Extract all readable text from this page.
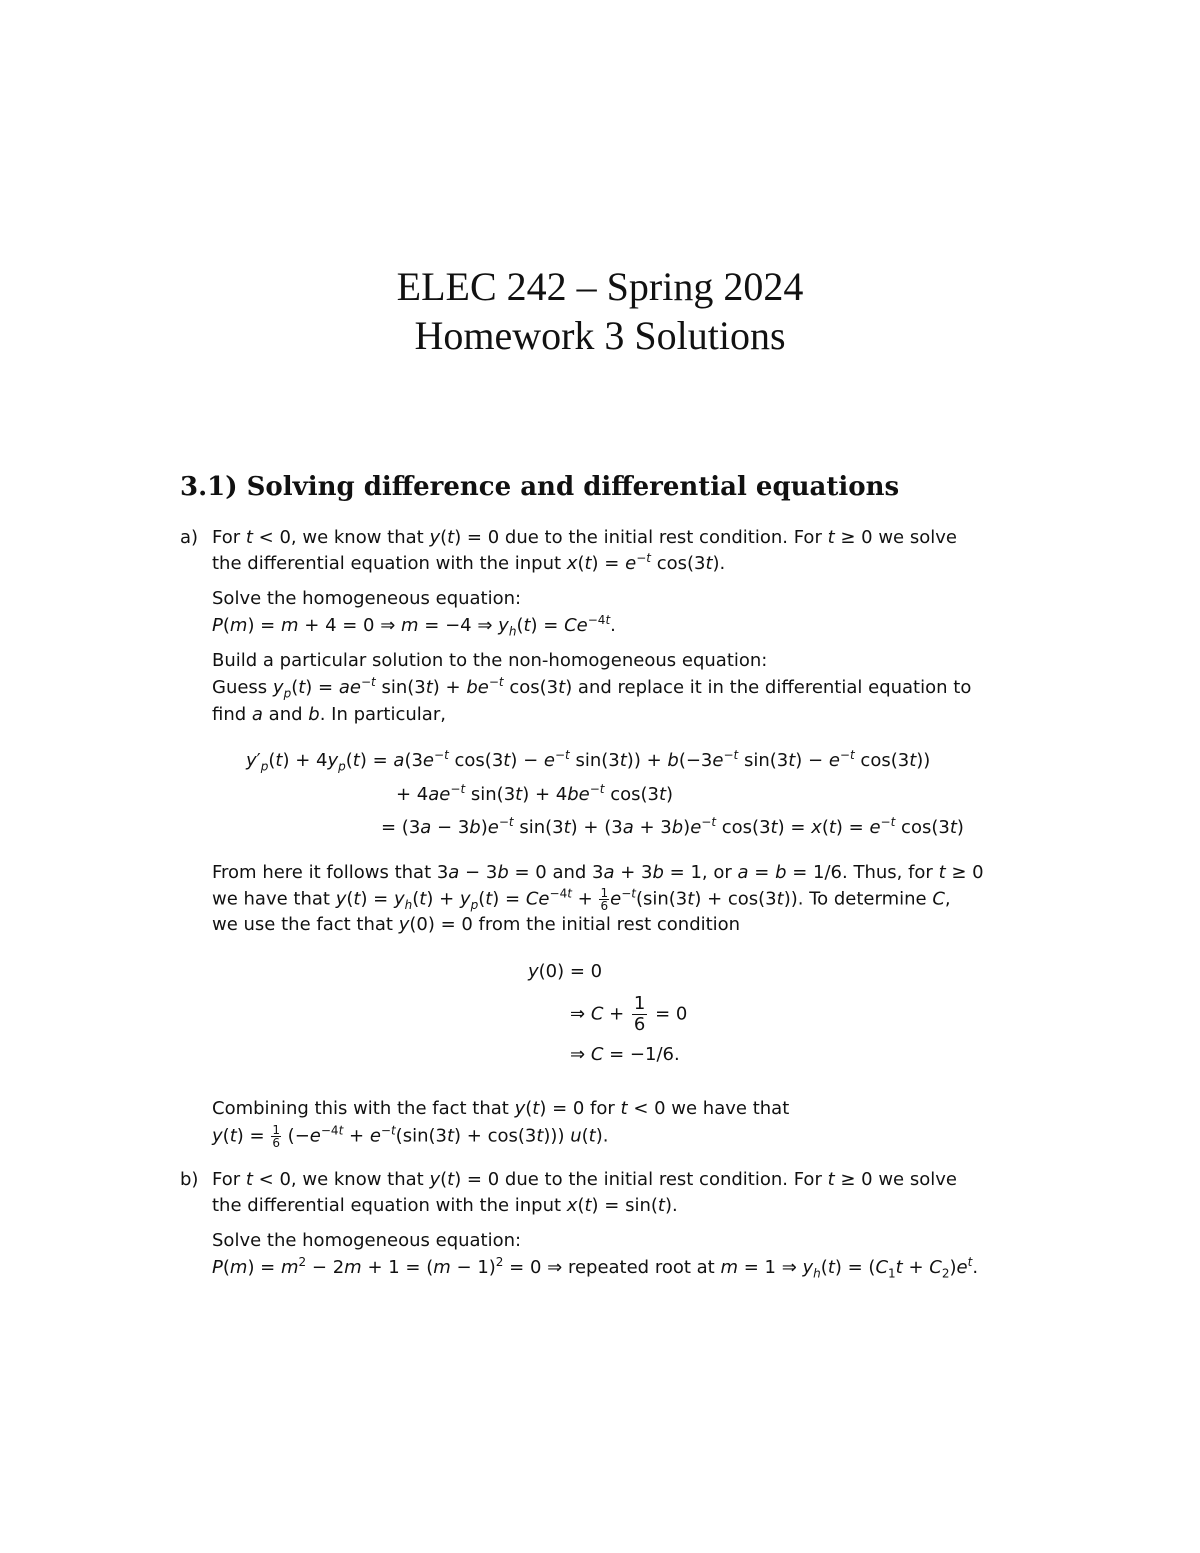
ELEC 242 – Spring 2024
Homework 3 Solutions
3.1) Solving difference and differential equations
a) For t < 0, we know that y(t) = 0 due to the initial rest condition. For t ≥ 0 we solve
the differential equation with the input $x(t) = e^{-t}$ cos(3t).
Solve the homogeneous equation:
P(m) = m + 4 = 0 ⇒ m = −4 ⇒ $y_h(t) = Ce^{-4t}$.
Build a particular solution to the non-homogeneous equation:
Guess $y_p(t) = ae^{-t}$ $\sin(3t) + be^{-t}$ cos(3t) and replace it in the differential equation to
find a and b. In particular,
$y'_p(t) + 4y_p(t) = a(3e^{-t}$ $\cos(3t) - e^{-t}$ $\sin(3t)) + b(-3e^{-t}$ $\sin(3t) - e^{-t}$ cos(3t))
+ $4ae^{-t}$ $\sin(3t) + 4be^{-t}$ cos(3t)
= $(3a - 3b)e^{-t}$ $\sin(3t) + (3a + 3b)e^{-t}$ $\cos(3t) = x(t) = e^{-t}$ cos(3t)
From here it follows that 3a − 3b = 0 and 3a + 3b = 1, or a = b = 1/6. Thus, for t ≥ 0
we have that $y(t) = y_h(t) + y_p(t) = Ce^{-4t} + \frac{1}{6} e^{-t}(\sin(3t) + \cos(3t))$. To determine C,
we use the fact that y(0) = 0 from the initial rest condition
y(0) = 0
⇒ $C + \frac{1}{6} = 0$
⇒ C = −1/6.
Combining this with the fact that y(t) = 0 for t < 0 we have that
$y(t) = \frac{1}{6} (-e^{-4t} + e^{-t}(\sin(3t) + \cos(3t)))$ u(t).
b) For t < 0, we know that y(t) = 0 due to the initial rest condition. For t ≥ 0 we solve
the differential equation with the input x(t) = sin(t).
Solve the homogeneous equation:
$P(m) = m^2 - 2m + 1 = (m - 1)^2 = 0$ ⇒ repeated root at m = 1 ⇒ $y_h(t) = (C_1t + C_2)e^t$.
